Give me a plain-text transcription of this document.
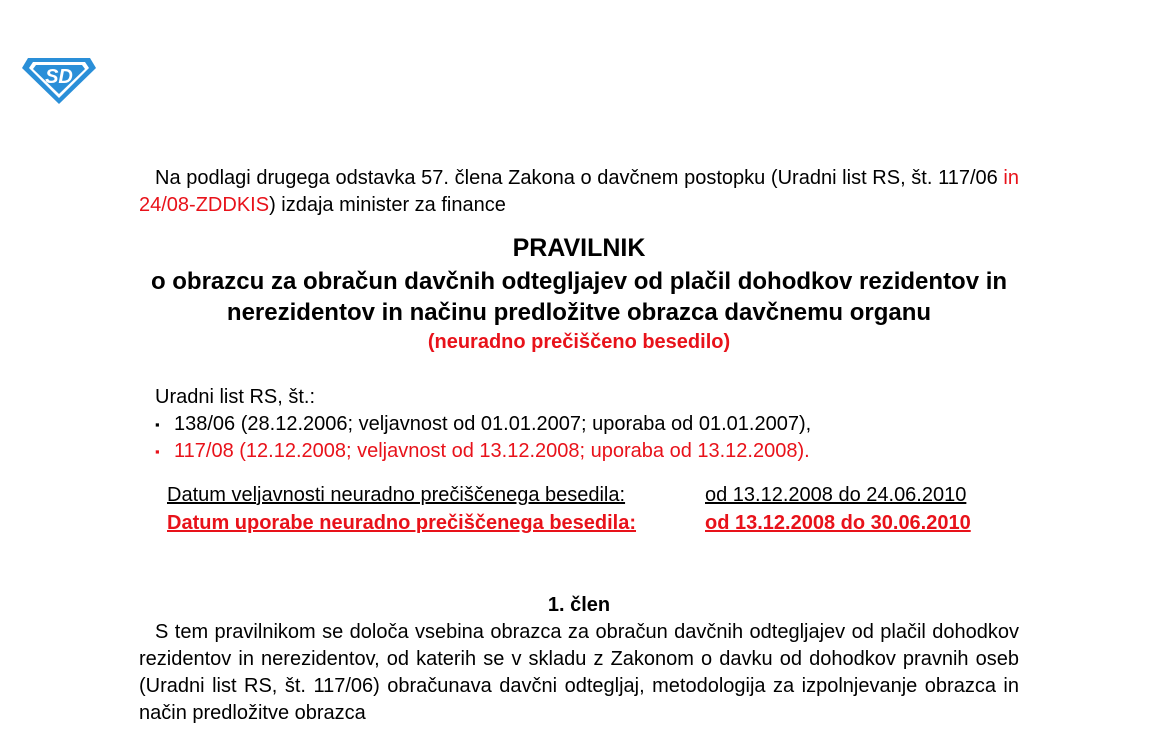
SD

Na podlagi drugega odstavka 57. člena Zakona o davčnem postopku (Uradni list RS, št. 117/06 in 24/08-ZDDKIS) izdaja minister za finance

PRAVILNIK
o obrazcu za obračun davčnih odtegljajev od plačil dohodkov rezidentov in nerezidentov in načinu predložitve obrazca davčnemu organu
(neuradno prečiščeno besedilo)
Uradni list RS, št.:
▪ 138/06 (28.12.2006; veljavnost od 01.01.2007; uporaba od 01.01.2007),
▪ 117/08 (12.12.2008; veljavnost od 13.12.2008; uporaba od 13.12.2008).
Datum veljavnosti neuradno prečiščenega besedila:	od 13.12.2008 do 24.06.2010
Datum uporabe neuradno prečiščenega besedila:	od 13.12.2008 do 30.06.2010
1. člen

S tem pravilnikom se določa vsebina obrazca za obračun davčnih odtegljajev od plačil dohodkov rezidentov in nerezidentov, od katerih se v skladu z Zakonom o davku od dohodkov pravnih oseb (Uradni list RS, št. 117/06) obračunava davčni odtegljaj, metodologija za izpolnjevanje obrazca in način predložitve obrazca
